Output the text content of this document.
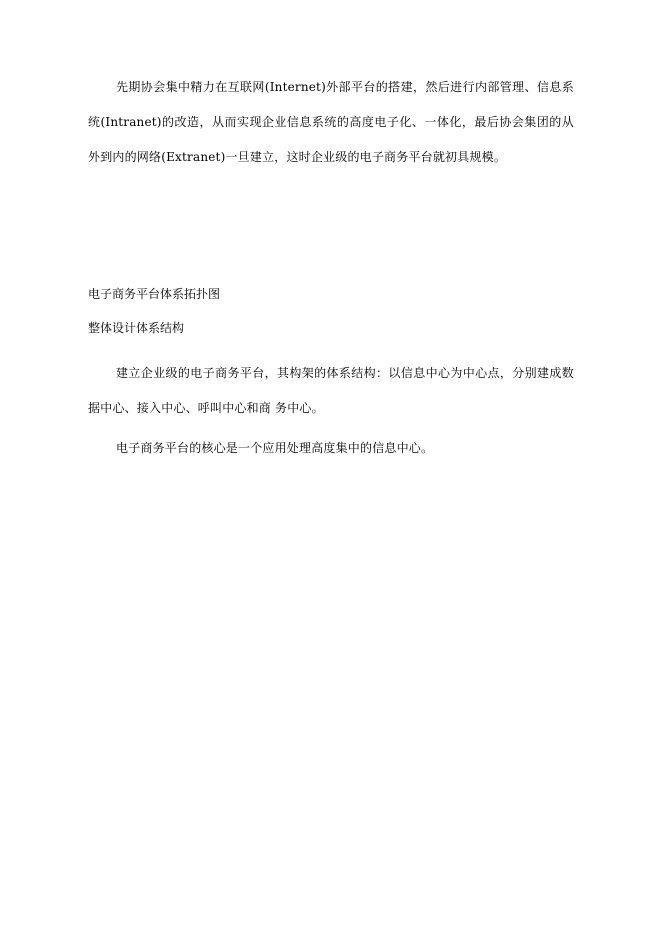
先期协会集中精力在互联网(Internet)外部平台的搭建，然后进行内部管理、信息系统(Intranet)的改造，从而实现企业信息系统的高度电子化、一体化，最后协会集团的从外到内的网络(Extranet)一旦建立，这时企业级的电子商务平台就初具规模。

电子商务平台体系拓扑图

整体设计体系结构

建立企业级的电子商务平台，其构架的体系结构：以信息中心为中心点，分别建成数据中心、接入中心、呼叫中心和商 务中心。

电子商务平台的核心是一个应用处理高度集中的信息中心。
